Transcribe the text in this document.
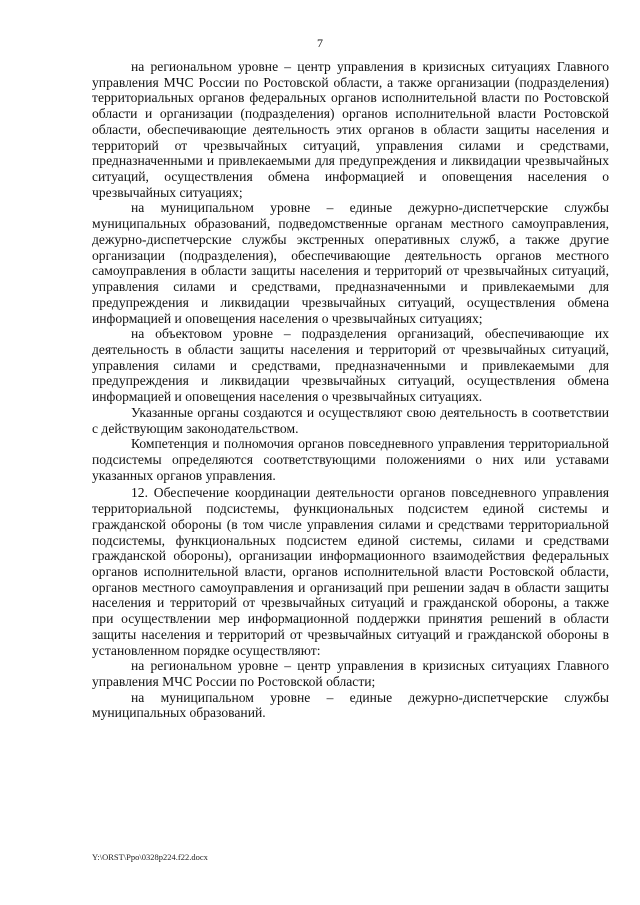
7

на региональном уровне – центр управления в кризисных ситуациях Главного управления МЧС России по Ростовской области, а также организации (подразделения) территориальных органов федеральных органов исполнительной власти по Ростовской области и организации (подразделения) органов исполнительной власти Ростовской области, обеспечивающие деятельность этих органов в области защиты населения и территорий от чрезвычайных ситуаций, управления силами и средствами, предназначенными и привлекаемыми для предупреждения и ликвидации чрезвычайных ситуаций, осуществления обмена информацией и оповещения населения о чрезвычайных ситуациях;

на муниципальном уровне – единые дежурно-диспетчерские службы муниципальных образований, подведомственные органам местного самоуправления, дежурно-диспетчерские службы экстренных оперативных служб, а также другие организации (подразделения), обеспечивающие деятельность органов местного самоуправления в области защиты населения и территорий от чрезвычайных ситуаций, управления силами и средствами, предназначенными и привлекаемыми для предупреждения и ликвидации чрезвычайных ситуаций, осуществления обмена информацией и оповещения населения о чрезвычайных ситуациях;

на объектовом уровне – подразделения организаций, обеспечивающие их деятельность в области защиты населения и территорий от чрезвычайных ситуаций, управления силами и средствами, предназначенными и привлекаемыми для предупреждения и ликвидации чрезвычайных ситуаций, осуществления обмена информацией и оповещения населения о чрезвычайных ситуациях.

Указанные органы создаются и осуществляют свою деятельность в соответствии с действующим законодательством.

Компетенция и полномочия органов повседневного управления территориальной подсистемы определяются соответствующими положениями о них или уставами указанных органов управления.

12. Обеспечение координации деятельности органов повседневного управления территориальной подсистемы, функциональных подсистем единой системы и гражданской обороны (в том числе управления силами и средствами территориальной подсистемы, функциональных подсистем единой системы, силами и средствами гражданской обороны), организации информационного взаимодействия федеральных органов исполнительной власти, органов исполнительной власти Ростовской области, органов местного самоуправления и организаций при решении задач в области защиты населения и территорий от чрезвычайных ситуаций и гражданской обороны, а также при осуществлении мер информационной поддержки принятия решений в области защиты населения и территорий от чрезвычайных ситуаций и гражданской обороны в установленном порядке осуществляют:

на региональном уровне – центр управления в кризисных ситуациях Главного управления МЧС России по Ростовской области;

на муниципальном уровне – единые дежурно-диспетчерские службы муниципальных образований.

Y:\ORST\Ppo\0328p224.f22.docx
